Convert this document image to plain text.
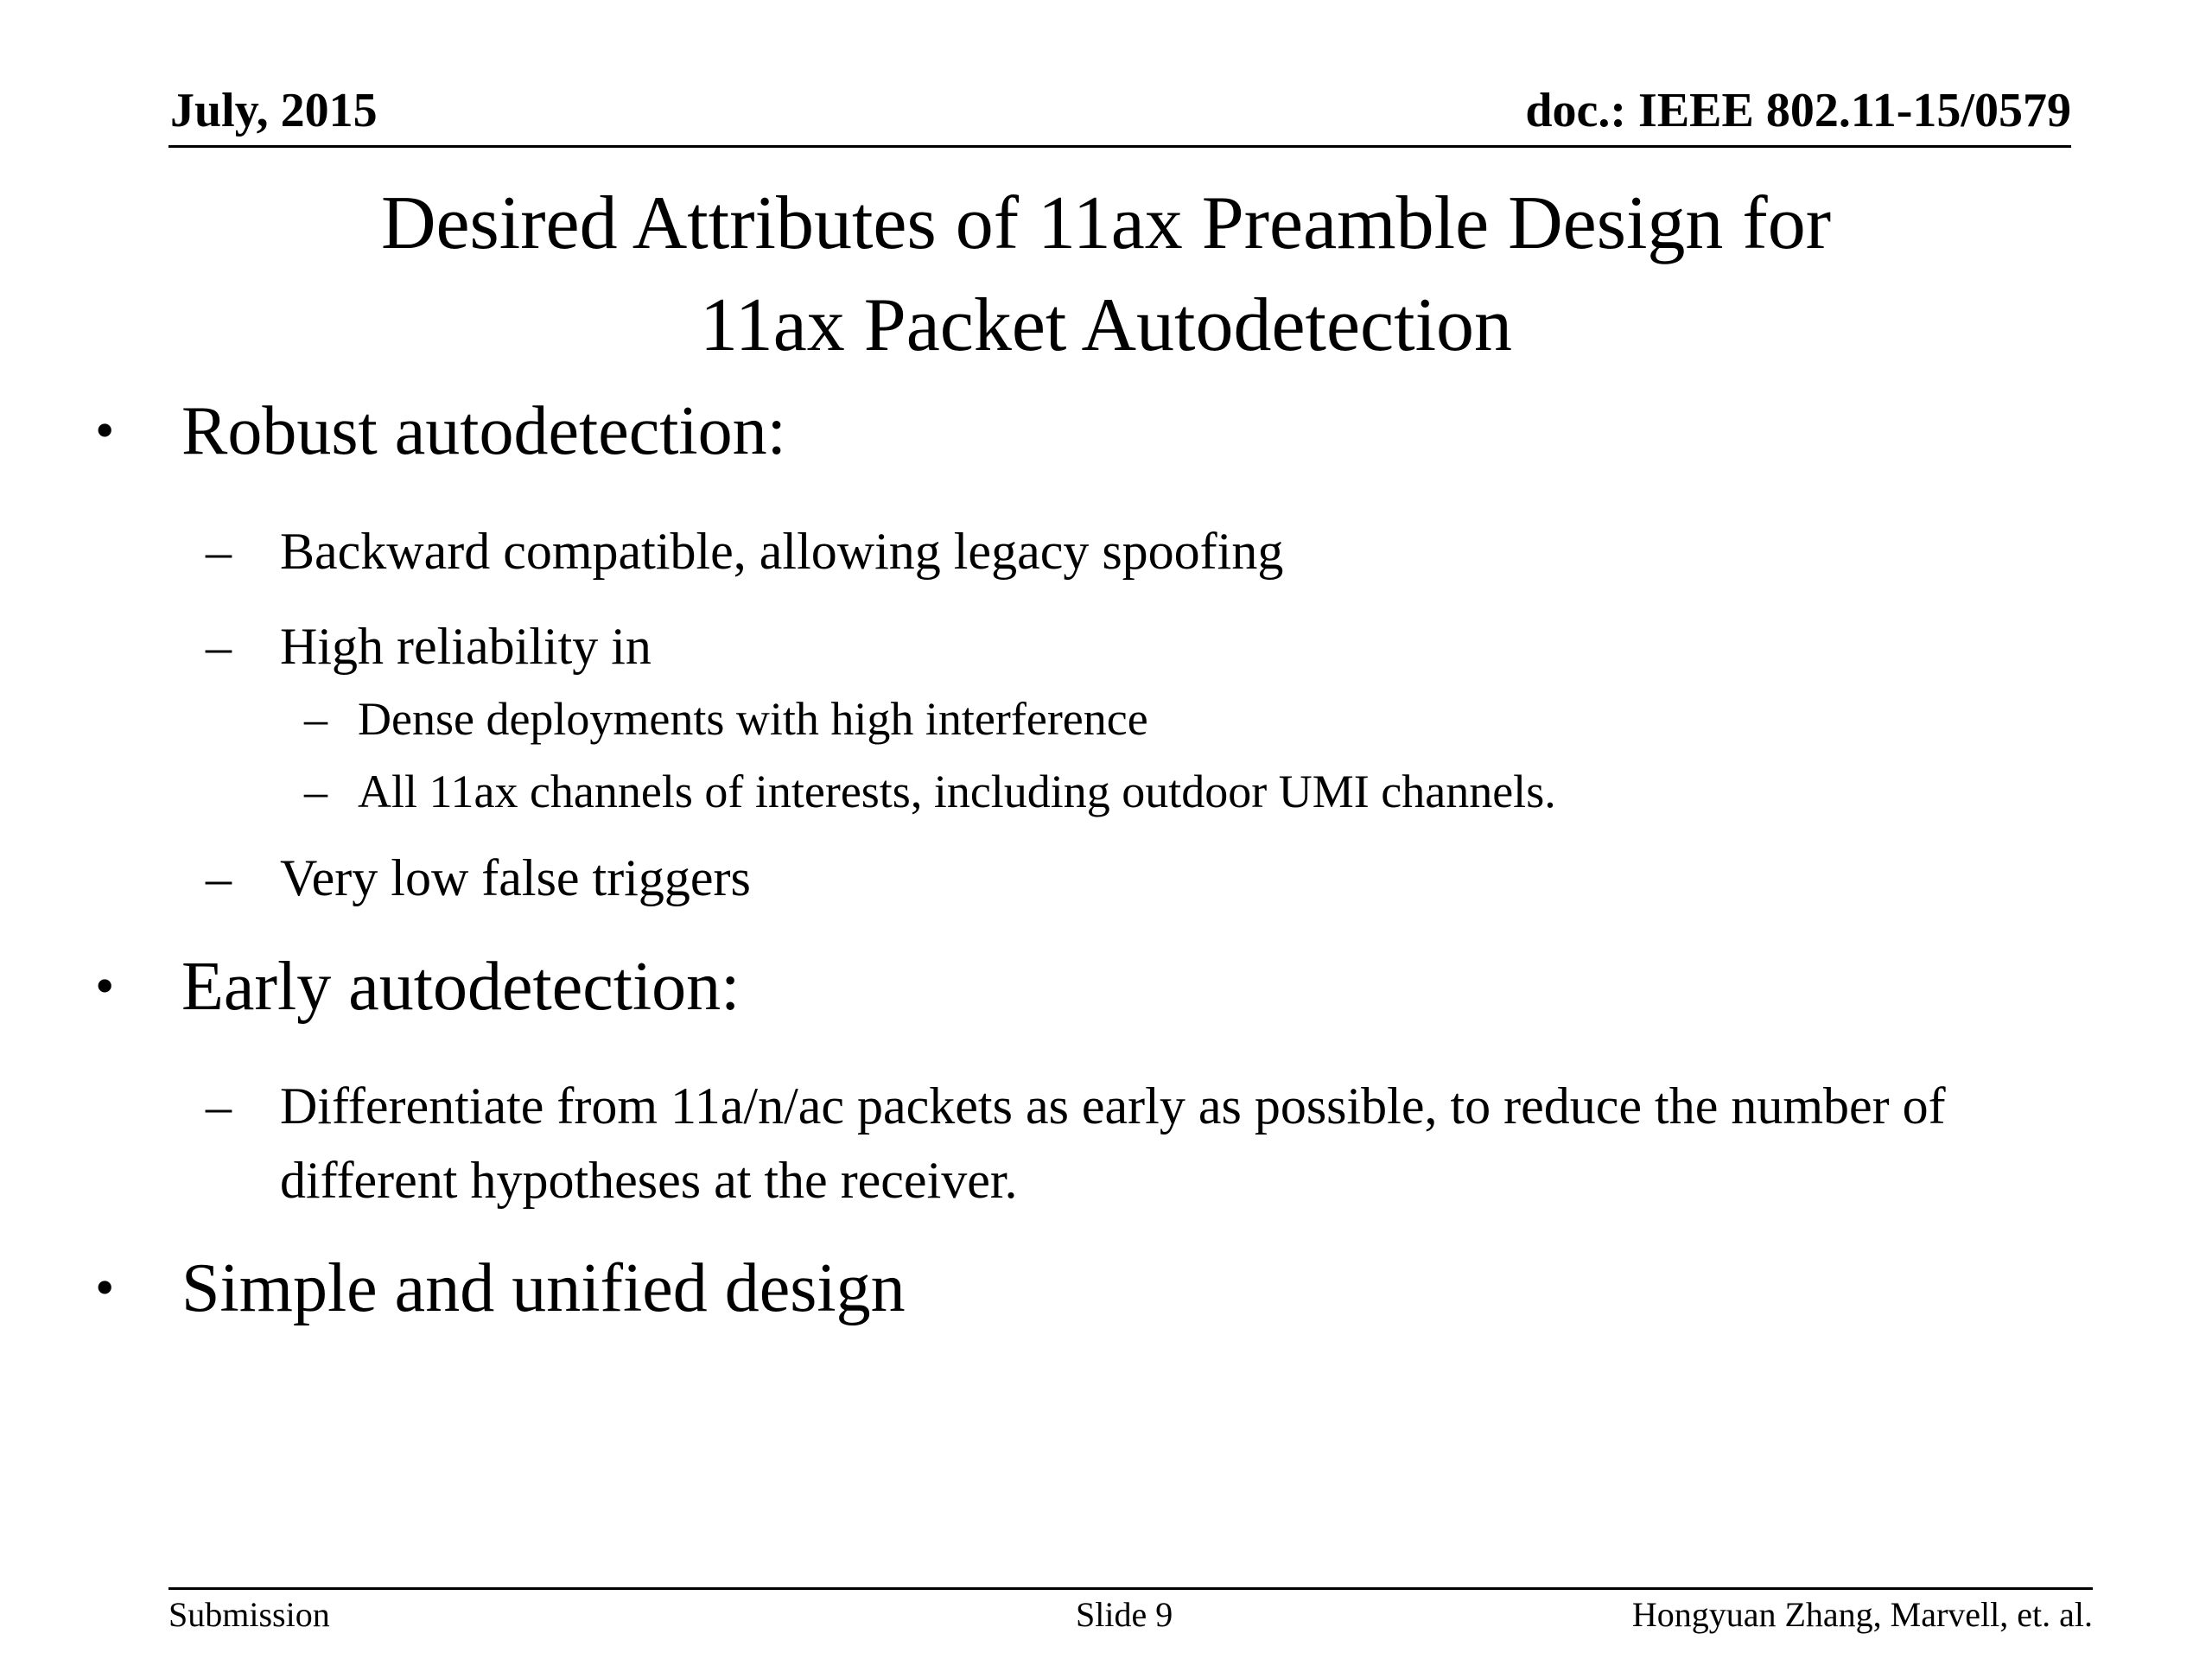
July, 2015	doc.: IEEE 802.11-15/0579
Desired Attributes of 11ax Preamble Design for
11ax Packet Autodetection
• Robust autodetection:
– Backward compatible, allowing legacy spoofing
– High reliability in
– Dense deployments with high interference
– All 11ax channels of interests, including outdoor UMI channels.
– Very low false triggers
• Early autodetection:
– Differentiate from 11a/n/ac packets as early as possible, to reduce the number of
different hypotheses at the receiver.
• Simple and unified design
Submission	Slide 9	Hongyuan Zhang, Marvell, et. al.
